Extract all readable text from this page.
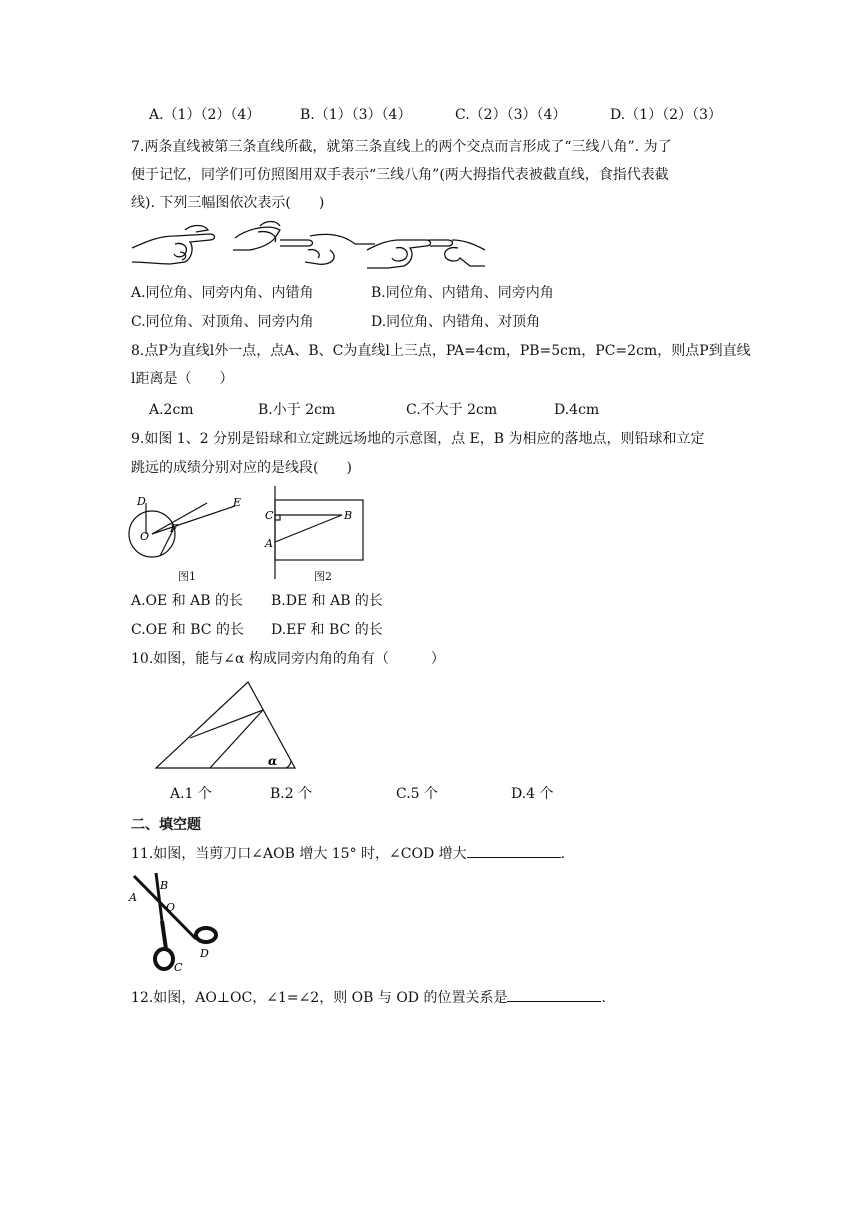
A.（1）（2）（4）	B.（1）（3）（4）	C.（2）（3）（4）	D.（1）（2）（3）
7.两条直线被第三条直线所截，就第三条直线上的两个交点而言形成了“三线八角”. 为了
便于记忆，同学们可仿照图用双手表示“三线八角”(两大拇指代表被截直线，食指代表截
线). 下列三幅图依次表示(　　)
A.同位角、同旁内角、内错角	B.同位角、内错角、同旁内角
C.同位角、对顶角、同旁内角	D.同位角、内错角、对顶角
8.点P为直线l外一点，点A、B、C为直线l上三点，PA=4cm，PB=5cm，PC=2cm，则点P到直线
l距离是（　　）
A.2cm	B.小于 2cm	C.不大于 2cm	D.4cm
9.如图 1、2 分别是铅球和立定跳远场地的示意图，点 E，B 为相应的落地点，则铅球和立定
跳远的成绩分别对应的是线段(　　)
D	E
F
O
图1
C	B
A
图2
A.OE 和 AB 的长 B.DE 和 AB 的长
C.OE 和 BC 的长 D.EF 和 BC 的长
10.如图，能与∠α 构成同旁内角的角有（　　　）
α
A.1 个	B.2 个	C.5 个	D.4 个
二、填空题
11.如图，当剪刀口∠AOB 增大 15° 时，∠COD 增大	.
B
A
O
C
D
12.如图，AO⊥OC，∠1=∠2，则 OB 与 OD 的位置关系是	.
